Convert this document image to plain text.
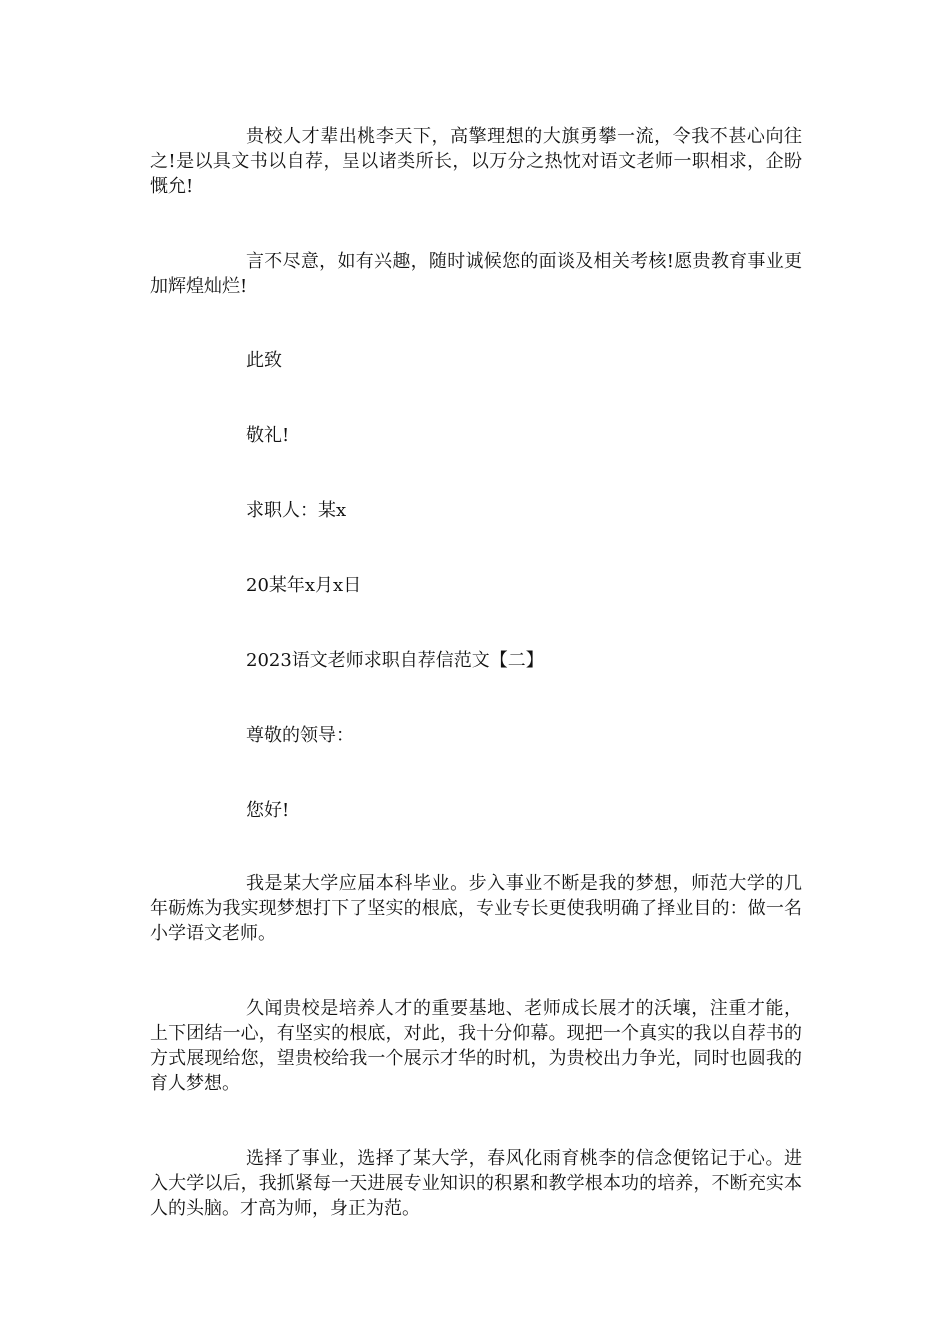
贵校人才辈出桃李天下，高擎理想的大旗勇攀一流，令我不甚心向往之!是以具文书以自荐，呈以诸类所长，以万分之热忱对语文老师一职相求，企盼慨允!

言不尽意，如有兴趣，随时诚候您的面谈及相关考核!愿贵教育事业更加辉煌灿烂!

此致

敬礼!

求职人：某x

20某年x月x日

2023语文老师求职自荐信范文【二】

尊敬的领导：

您好!

我是某大学应届本科毕业。步入事业不断是我的梦想，师范大学的几年砺炼为我实现梦想打下了坚实的根底，专业专长更使我明确了择业目的：做一名小学语文老师。

久闻贵校是培养人才的重要基地、老师成长展才的沃壤，注重才能，上下团结一心，有坚实的根底，对此，我十分仰幕。现把一个真实的我以自荐书的方式展现给您，望贵校给我一个展示才华的时机，为贵校出力争光，同时也圆我的育人梦想。

选择了事业，选择了某大学，春风化雨育桃李的信念便铭记于心。进入大学以后，我抓紧每一天进展专业知识的积累和教学根本功的培养，不断充实本人的头脑。才高为师，身正为范。
